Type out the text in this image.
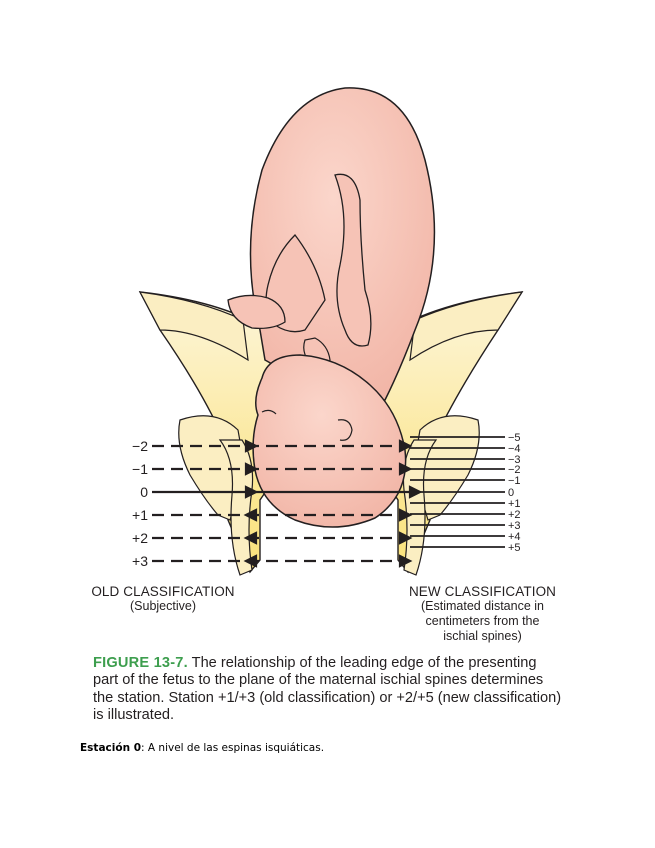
−2
−1
0
+1
+2
+3
−5
−4
−3
−2
−1
0
+1
+2
+3
+4
+5
OLD CLASSIFICATION
(Subjective)
NEW CLASSIFICATION
(Estimated distance in
centimeters from the
ischial spines)

FIGURE 13-7. The relationship of the leading edge of the presenting part of the fetus to the plane of the maternal ischial spines determines the station. Station +1/+3 (old classification) or +2/+5 (new classification) is illustrated.

Estación 0: A nivel de las espinas isquiáticas.
